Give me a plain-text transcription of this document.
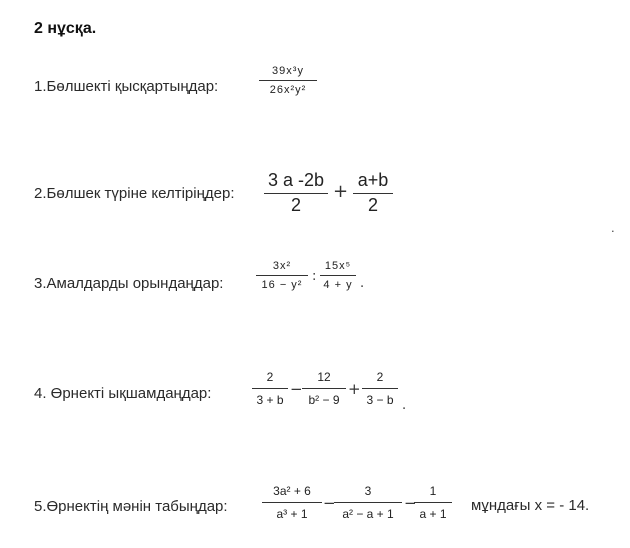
2 нұсқа.
1.Бөлшекті қысқартыңдар:
39x³y
26x²y²
2.Бөлшек түріне келтіріңдер:
3 a -2b
2
+
a+b
2
.
3.Амалдарды орындаңдар:
3x²
16 − y²
:
15x⁵
4 + y .
4. Өрнекті ықшамдаңдар:
2
3 + b
−
12
b² − 9
+
2
3 − b .
5.Өрнектің мәнін табыңдар:
3a² + 6
a³ + 1
−
3
a² − a + 1
−
1
a + 1	мұндағы x = - 14.
